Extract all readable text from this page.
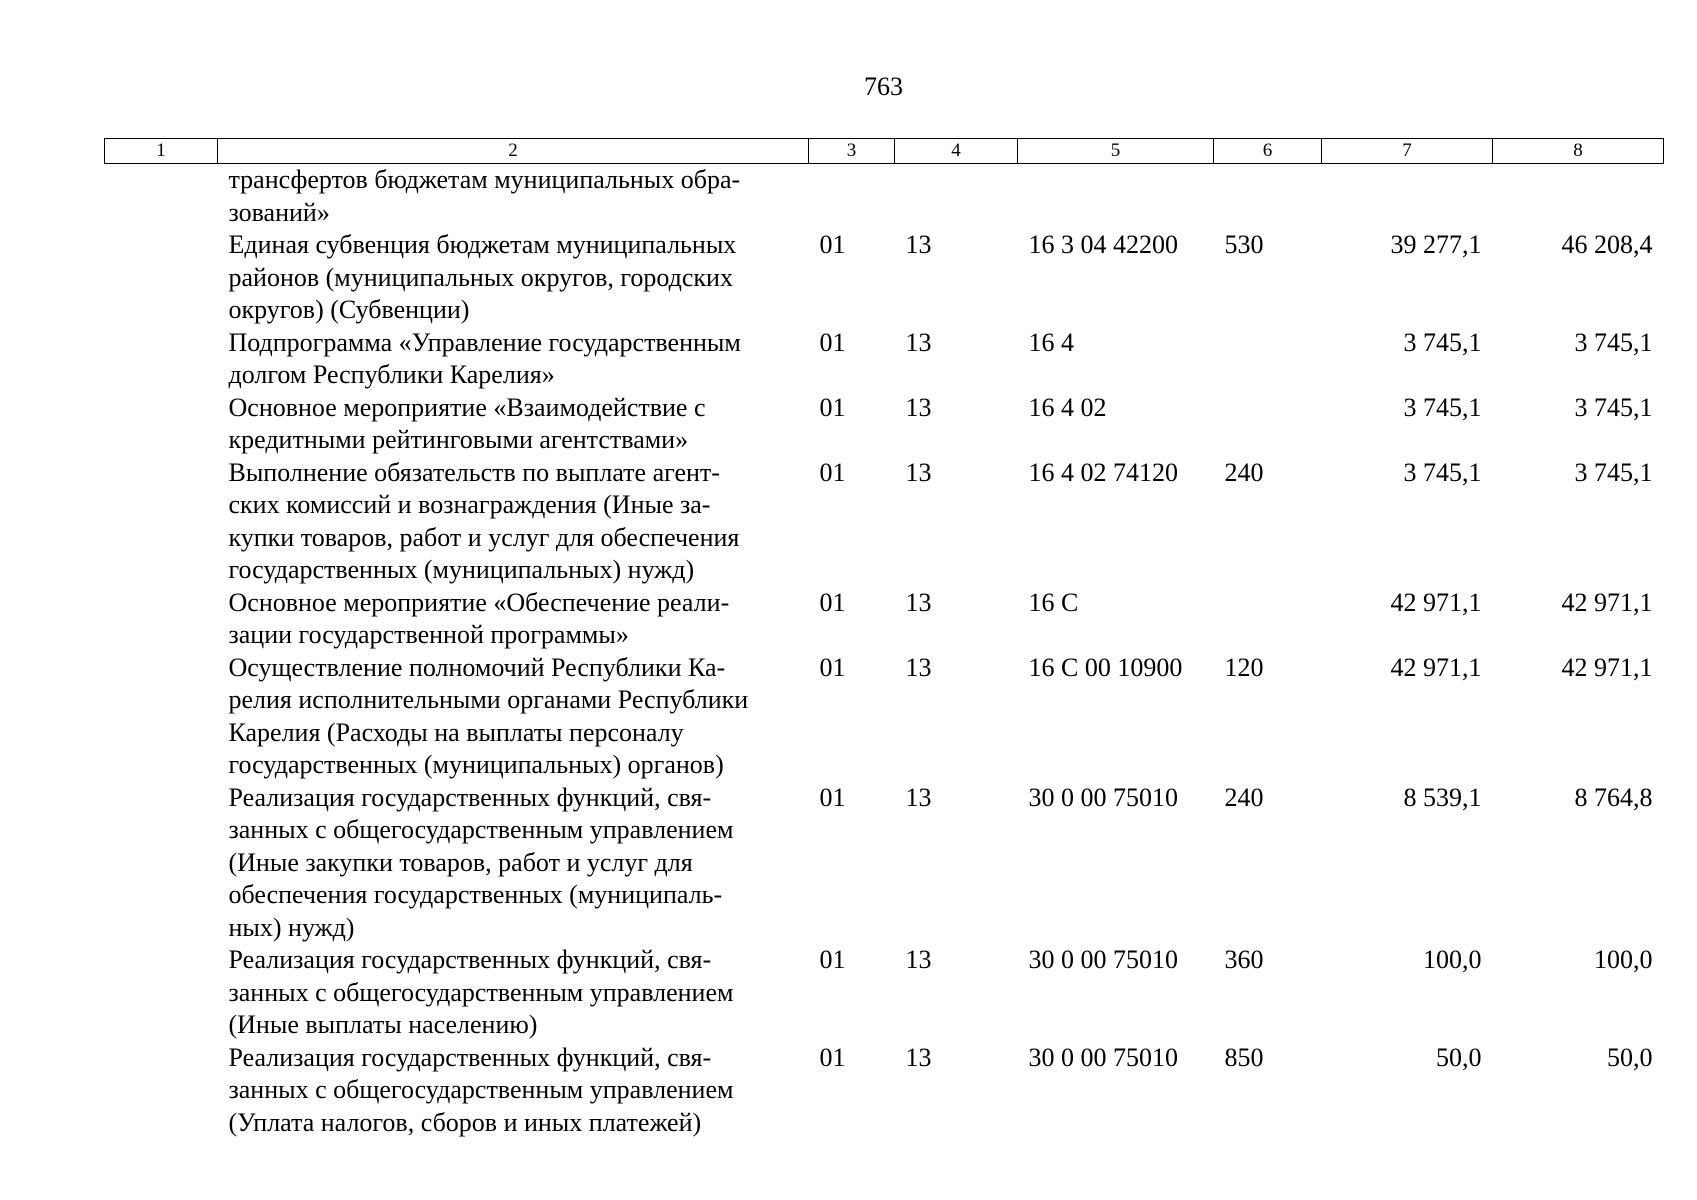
763
1	2	3	4	5	6	7	8

	трансфертов бюджетам муниципальных обра-
зований»						

	Единая субвенция бюджетам муниципальных
районов (муниципальных округов, городских
округов) (Субвенции)	01	13	16 3 04 42200	530	39 277,1	46 208,4

	Подпрограмма «Управление государственным
долгом Республики Карелия»	01	13	16 4		3 745,1	3 745,1

	Основное мероприятие «Взаимодействие с
кредитными рейтинговыми агентствами»	01	13	16 4 02		3 745,1	3 745,1

	Выполнение обязательств по выплате агент-
ских комиссий и вознаграждения (Иные за-
купки товаров, работ и услуг для обеспечения
государственных (муниципальных) нужд)	01	13	16 4 02 74120	240	3 745,1	3 745,1

	Основное мероприятие «Обеспечение реали-
зации государственной программы»	01	13	16 С		42 971,1	42 971,1

	Осуществление полномочий Республики Ка-
релия исполнительными органами Республики
Карелия (Расходы на выплаты персоналу
государственных (муниципальных) органов)	01	13	16 С 00 10900	120	42 971,1	42 971,1

	Реализация государственных функций, свя-
занных с общегосударственным управлением
(Иные закупки товаров, работ и услуг для
обеспечения государственных (муниципаль-
ных) нужд)	01	13	30 0 00 75010	240	8 539,1	8 764,8

	Реализация государственных функций, свя-
занных с общегосударственным управлением
(Иные выплаты населению)	01	13	30 0 00 75010	360	100,0	100,0

	Реализация государственных функций, свя-
занных с общегосударственным управлением
(Уплата налогов, сборов и иных платежей)	01	13	30 0 00 75010	850	50,0	50,0
